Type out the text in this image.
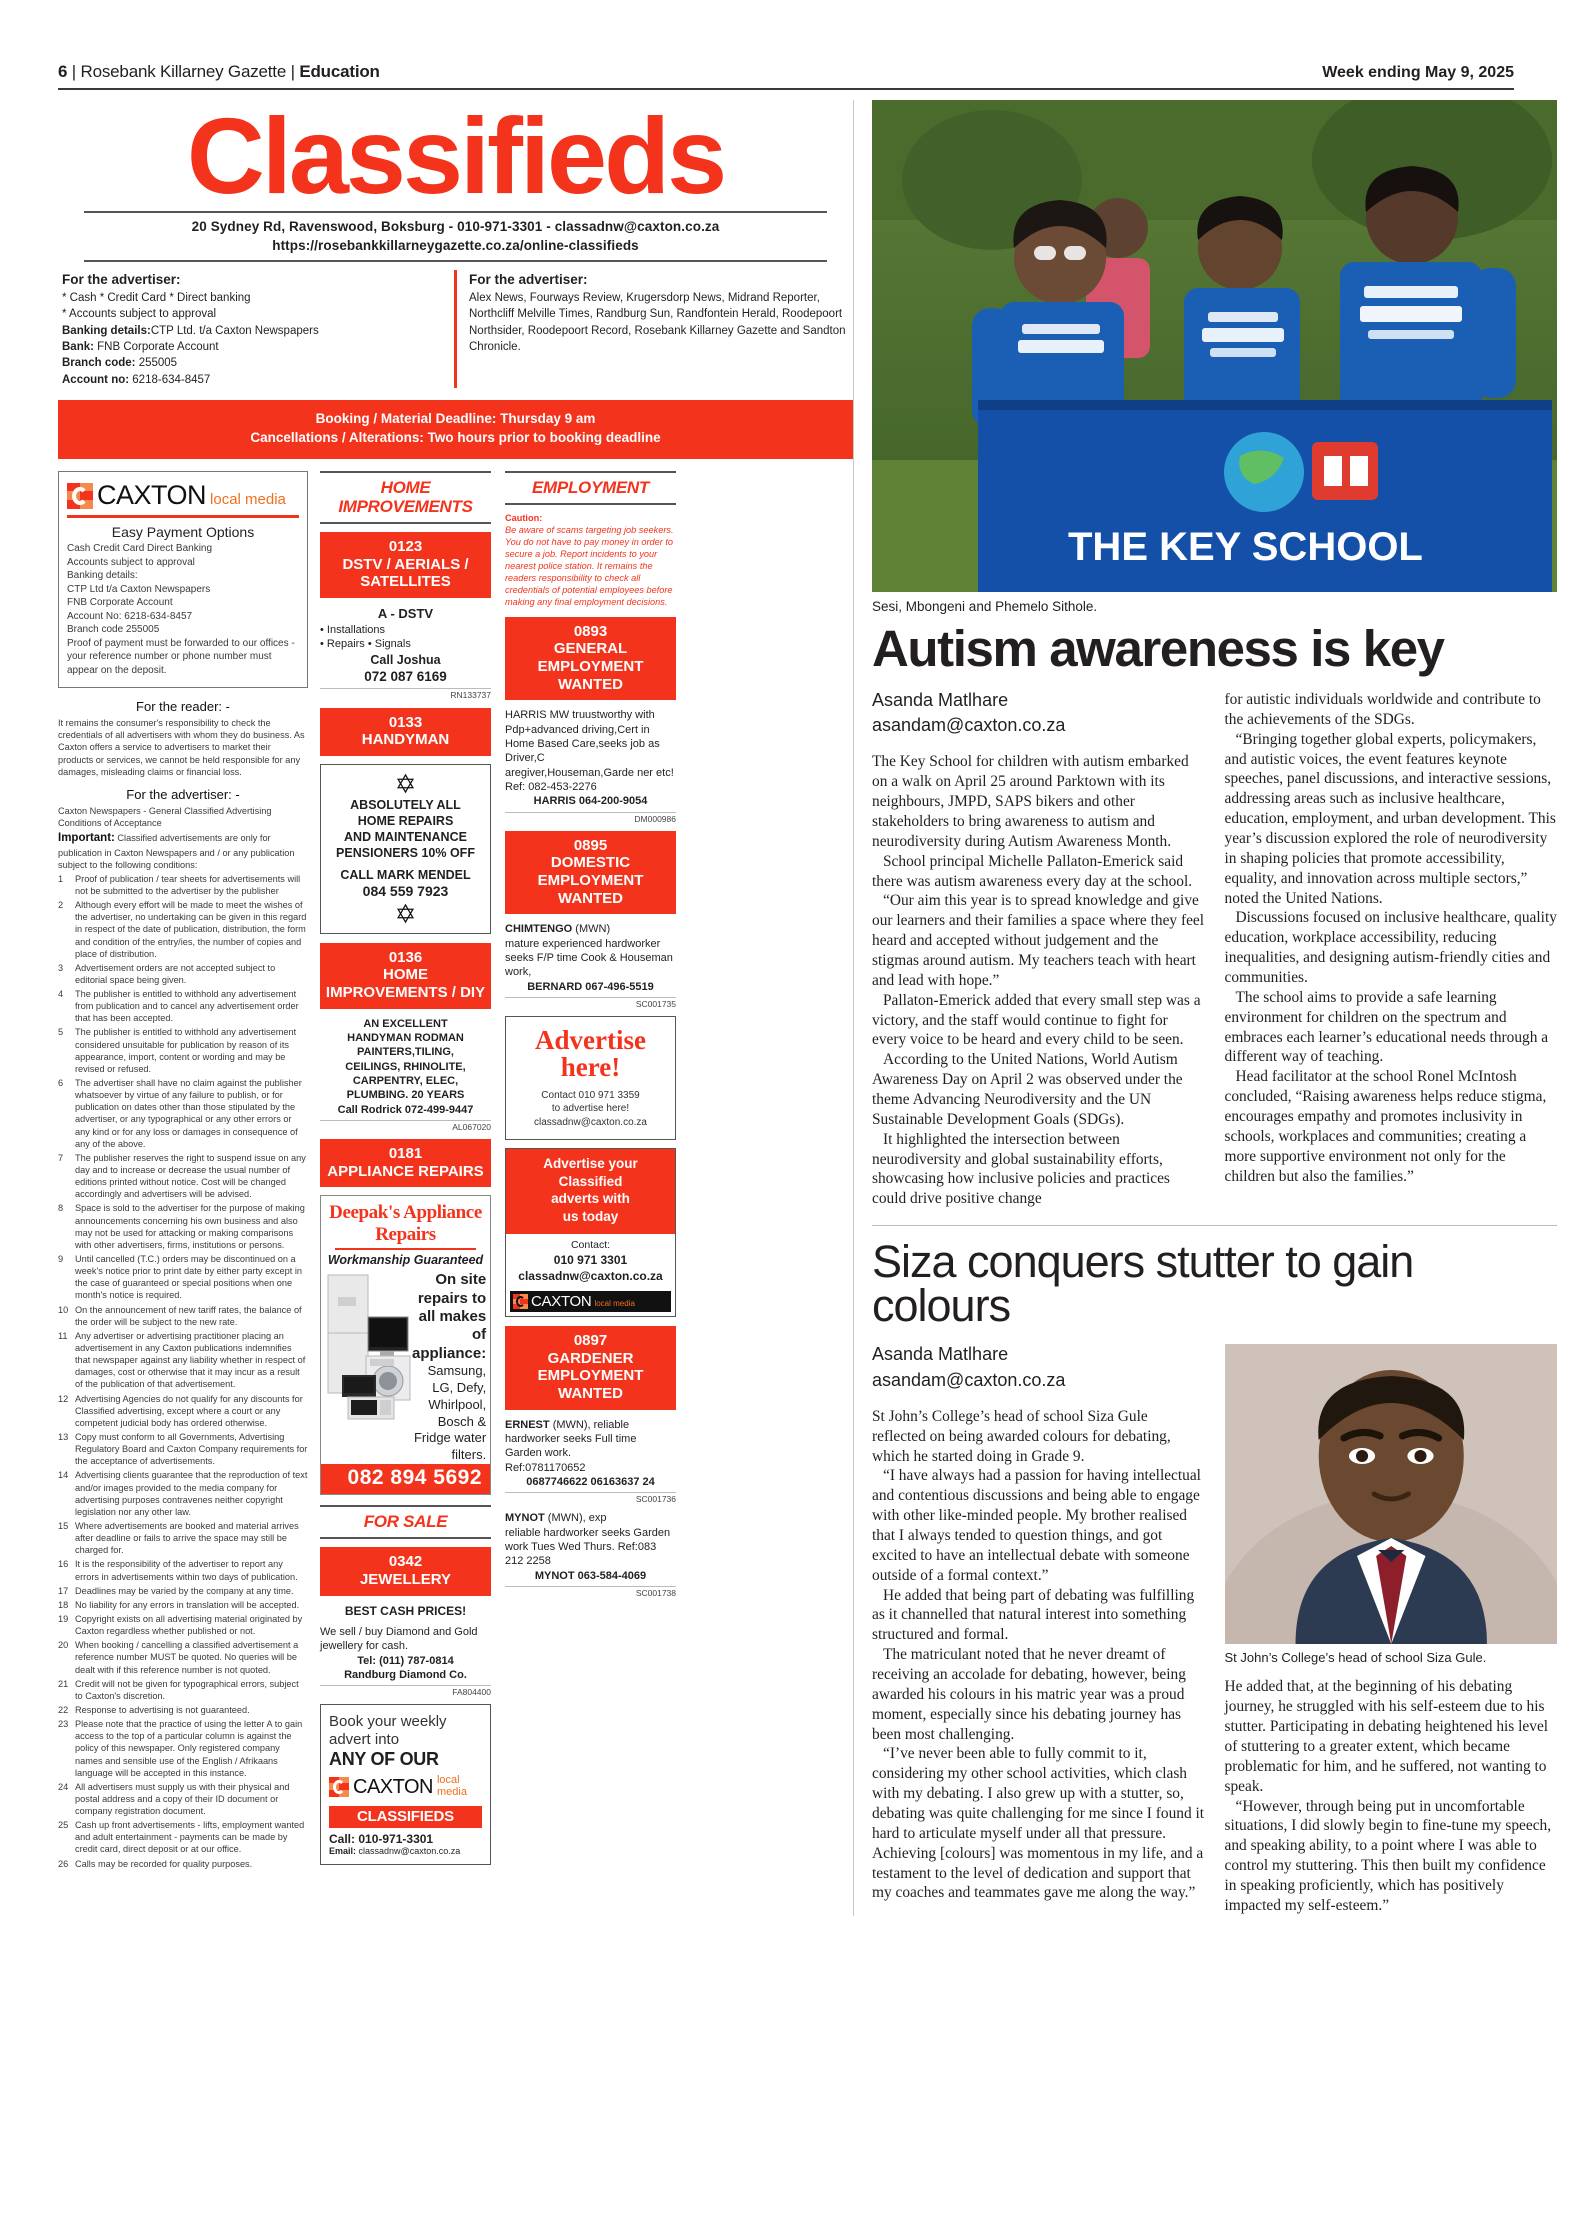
6 | Rosebank Killarney Gazette | Education	Week ending May 9, 2025
Classifieds
20 Sydney Rd, Ravenswood, Boksburg - 010-971-3301 - classadnw@caxton.co.za
https://rosebankkillarneygazette.co.za/online-classifieds
For the advertiser:
* Cash * Credit Card * Direct banking
* Accounts subject to approval
Banking details:CTP Ltd. t/a Caxton Newspapers
Bank: FNB Corporate Account
Branch code: 255005
Account no: 6218-634-8457
For the advertiser:
Alex News, Fourways Review, Krugersdorp News, Midrand Reporter, Northcliff Melville Times, Randburg Sun, Randfontein Herald, Roodepoort Northsider, Roodepoort Record, Rosebank Killarney Gazette and Sandton Chronicle.
Booking / Material Deadline: Thursday 9 am
Cancellations / Alterations: Two hours prior to booking deadline
CAXTON local media
Easy Payment Options
Cash Credit Card Direct Banking
Accounts subject to approval
Banking details:
CTP Ltd t/a Caxton Newspapers
FNB Corporate Account
Account No: 6218-634-8457
Branch code 255005
Proof of payment must be forwarded to our offices - your reference number or phone number must appear on the deposit.
For the reader: -

It remains the consumer's responsibility to check the credentials of all advertisers with whom they do business. As Caxton offers a service to advertisers to market their products or services, we cannot be held responsible for any damages, misleading claims or financial loss.

For the advertiser: -

Caxton Newspapers - General Classified Advertising Conditions of Acceptance

Important: Classified advertisements are only for publication in Caxton Newspapers and / or any publication subject to the following conditions:

1	Proof of publication / tear sheets for advertisements will not be submitted to the advertiser by the publisher
2	Although every effort will be made to meet the wishes of the advertiser, no undertaking can be given in this regard in respect of the date of publication, distribution, the form and condition of the entry/ies, the number of copies and place of distribution.
3	Advertisement orders are not accepted subject to editorial space being given.
4	The publisher is entitled to withhold any advertisement from publication and to cancel any advertisement order that has been accepted.
5	The publisher is entitled to withhold any advertisement considered unsuitable for publication by reason of its appearance, import, content or wording and may be revised or refused.
6	The advertiser shall have no claim against the publisher whatsoever by virtue of any failure to publish, or for publication on dates other than those stipulated by the advertiser, or any typographical or any other errors or any kind or for any loss or damages in consequence of any of the above.
7	The publisher reserves the right to suspend issue on any day and to increase or decrease the usual number of editions printed without notice. Cost will be changed accordingly and advertisers will be advised.
8	Space is sold to the advertiser for the purpose of making announcements concerning his own business and also may not be used for attacking or making comparisons with other advertisers, firms, institutions or persons.
9	Until cancelled (T.C.) orders may be discontinued on a week's notice prior to print date by either party except in the case of guaranteed or special positions when one month's notice is required.
10 On the announcement of new tariff rates, the balance of the order will be subject to the new rate.
11 Any advertiser or advertising practitioner placing an advertisement in any Caxton publications indemnifies that newspaper against any liability whether in respect of damages, cost or otherwise that it may incur as a result of the publication of that advertisement.
12 Advertising Agencies do not qualify for any discounts for Classified advertising, except where a court or any competent judicial body has ordered otherwise.
13 Copy must conform to all Governments, Advertising Regulatory Board and Caxton Company requirements for the acceptance of advertisements.
14 Advertising clients guarantee that the reproduction of text and/or images provided to the media company for advertising purposes contravenes neither copyright legislation nor any other law.
15 Where advertisements are booked and material arrives after deadline or fails to arrive the space may still be charged for.
16 It is the responsibility of the advertiser to report any errors in advertisements within two days of publication.
17 Deadlines may be varied by the company at any time.
18 No liability for any errors in translation will be accepted.
19 Copyright exists on all advertising material originated by Caxton regardless whether published or not.
20 When booking / cancelling a classified advertisement a reference number MUST be quoted. No queries will be dealt with if this reference number is not quoted.
21 Credit will not be given for typographical errors, subject to Caxton's discretion.
22 Response to advertising is not guaranteed.
23 Please note that the practice of using the letter A to gain access to the top of a particular column is against the policy of this newspaper. Only registered company names and sensible use of the English / Afrikaans language will be accepted in this instance.
24 All advertisers must supply us with their physical and postal address and a copy of their ID document or company registration document.
25 Cash up front advertisements - lifts, employment wanted and adult entertainment - payments can be made by credit card, direct deposit or at our office.
26 Calls may be recorded for quality purposes.
HOME IMPROVEMENTS
0123
DSTV / AERIALS / SATELLITES
A - DSTV
• Installations
• Repairs • Signals
Call Joshua
072 087 6169
RN133737
0133
HANDYMAN
✡
ABSOLUTELY ALL
HOME REPAIRS
AND MAINTENANCE
PENSIONERS 10% OFF
CALL MARK MENDEL
084 559 7923
✡
0136
HOME IMPROVEMENTS / DIY
AN EXCELLENT
HANDYMAN RODMAN
PAINTERS,TILING,
CEILINGS, RHINOLITE,
CARPENTRY, ELEC,
PLUMBING. 20 YEARS
Call Rodrick 072-499-9447
AL067020
0181
APPLIANCE REPAIRS
Deepak's Appliance Repairs
Workmanship Guaranteed
On site repairs to all makes of appliance:
Samsung, LG, Defy, Whirlpool, Bosch & Fridge water filters.
082 894 5692
FOR SALE
0342
JEWELLERY
BEST CASH PRICES!
We sell / buy Diamond and Gold jewellery for cash.
Tel: (011) 787-0814
Randburg Diamond Co.
FA804400
Book your weekly
advert into
ANY OF OUR
CAXTON local media
CLASSIFIEDS
Call: 010-971-3301
Email: classadnw@caxton.co.za
EMPLOYMENT
Caution:
Be aware of scams targeting job seekers. You do not have to pay money in order to secure a job. Report incidents to your nearest police station. It remains the readers responsibility to check all credentials of potential employees before making any final employment decisions.
0893
GENERAL EMPLOYMENT WANTED
HARRIS MW truustworthy with Pdp+advanced driving,Cert in Home Based Care,seeks job as Driver,C aregiver,Houseman,Garde ner etc! Ref: 082-453-2276
HARRIS 064-200-9054
DM000986
0895
DOMESTIC EMPLOYMENT WANTED
CHIMTENGO (MWN)
mature experienced hardworker seeks F/P time Cook & Houseman work,
BERNARD 067-496-5519
SC001735
Advertise
here!
Contact 010 971 3359
to advertise here!
classadnw@caxton.co.za
Advertise your
Classified
adverts with
us today
Contact:
010 971 3301
classadnw@caxton.co.za
CAXTON local media
0897
GARDENER EMPLOYMENT WANTED
ERNEST (MWN), reliable
hardworker seeks Full time Garden work.
Ref:0781170652
0687746622 06163637 24
SC001736
MYNOT (MWN), exp
reliable hardworker seeks Garden work Tues Wed Thurs. Ref:083 212 2258
MYNOT 063-584-4069
SC001738
THE KEY SCHOOL
Sesi, Mbongeni and Phemelo Sithole.
Autism awareness is key
Asanda Matlhare
asandam@caxton.co.za

The Key School for children with autism embarked on a walk on April 25 around Parktown with its neighbours, JMPD, SAPS bikers and other stakeholders to bring awareness to autism and neurodiversity during Autism Awareness Month.

School principal Michelle Pallaton-Emerick said there was autism awareness every day at the school.

“Our aim this year is to spread knowledge and give our learners and their families a space where they feel heard and accepted without judgement and the stigmas around autism. My teachers teach with heart and lead with hope.”

Pallaton-Emerick added that every small step was a victory, and the staff would continue to fight for every voice to be heard and every child to be seen.

According to the United Nations, World Autism Awareness Day on April 2 was observed under the theme Advancing Neurodiversity and the UN Sustainable Development Goals (SDGs).

It highlighted the intersection between neurodiversity and global sustainability efforts, showcasing how inclusive policies and practices could drive positive change

for autistic individuals worldwide and contribute to the achievements of the SDGs.

“Bringing together global experts, policymakers, and autistic voices, the event features keynote speeches, panel discussions, and interactive sessions, addressing areas such as inclusive healthcare, education, employment, and urban development. This year’s discussion explored the role of neurodiversity in shaping policies that promote accessibility, equality, and innovation across multiple sectors,” noted the United Nations.

Discussions focused on inclusive healthcare, quality education, workplace accessibility, reducing inequalities, and designing autism-friendly cities and communities.

The school aims to provide a safe learning environment for children on the spectrum and embraces each learner’s educational needs through a different way of teaching.

Head facilitator at the school Ronel McIntosh concluded, “Raising awareness helps reduce stigma, encourages empathy and promotes inclusivity in schools, workplaces and communities; creating a more supportive environment not only for the children but also the families.”

Siza conquers stutter to gain colours
Asanda Matlhare
asandam@caxton.co.za

St John’s College’s head of school Siza Gule reflected on being awarded colours for debating, which he started doing in Grade 9.

“I have always had a passion for having intellectual and contentious discussions and being able to engage with other like-minded people. My brother realised that I always tended to question things, and got excited to have an intellectual debate with someone outside of a formal context.”

He added that being part of debating was fulfilling as it channelled that natural interest into something structured and formal.

The matriculant noted that he never dreamt of receiving an accolade for debating, however, being awarded his colours in his matric year was a proud moment, especially since his debating journey has been most challenging.

“I’ve never been able to fully commit to it, considering my other school activities, which clash with my debating. I also grew up with a stutter, so, debating was quite challenging for me since I found it hard to articulate myself under all that pressure. Achieving [colours] was momentous in my life, and a testament to the level of dedication and support that my coaches and teammates gave me along the way.”

St John’s College’s head of school Siza Gule.

He added that, at the beginning of his debating journey, he struggled with his self-esteem due to his stutter. Participating in debating heightened his level of stuttering to a greater extent, which became problematic for him, and he suffered, not wanting to speak.

“However, through being put in uncomfortable situations, I did slowly begin to fine-tune my speech, and speaking ability, to a point where I was able to control my stuttering. This then built my confidence in speaking proficiently, which has positively impacted my self-esteem.”
